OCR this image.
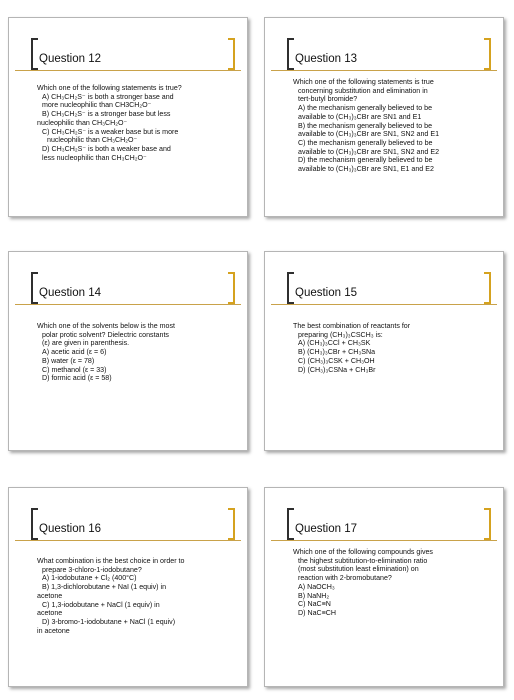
Question 12
Which one of the following statements is true?
A) CH₃CH₂S⁻ is both a stronger base and
more nucleophilic than CH3CH₂O⁻
B) CH₃CH₂S⁻ is a stronger base but less
nucleophilic than CH₃CH₂O⁻
C) CH₃CH₂S⁻ is a weaker base but is more
nucleophilic than CH₃CH₂O⁻
D) CH₃CH₂S⁻ is both a weaker base and
less nucleophilic than CH₃CH₂O⁻
Question 13
Which one of the following statements is true
concerning substitution and elimination in
tert-butyl bromide?
A) the mechanism generally believed to be
available to (CH₃)₃CBr are SN1 and E1
B) the mechanism generally believed to be
available to (CH₃)₃CBr are SN1, SN2 and E1
C) the mechanism generally believed to be
available to (CH₃)₃CBr are SN1, SN2 and E2
D) the mechanism generally believed to be
available to (CH₃)₃CBr are SN1, E1 and E2
Question 14
Which one of the solvents below is the most
polar protic solvent? Dielectric constants
(ε) are given in parenthesis.
A) acetic acid (ε = 6)
B) water (ε = 78)
C) methanol (ε = 33)
D) formic acid (ε = 58)
Question 15
The best combination of reactants for
preparing (CH₃)₃CSCH₃ is:
A) (CH₃)₃CCl + CH₃SK
B) (CH₃)₃CBr + CH₃SNa
C) (CH₃)₃CSK + CH₃OH
D) (CH₃)₃CSNa + CH₃Br
Question 16
What combination is the best choice in order to
prepare 3-chloro-1-iodobutane?
A) 1-iodobutane + Cl₂ (400°C)
B) 1,3-dichlorobutane + NaI (1 equiv) in
acetone
C) 1,3-iodobutane + NaCl (1 equiv) in
acetone
D) 3-bromo-1-iodobutane + NaCl (1 equiv)
in acetone
Question 17
Which one of the following compounds gives
the highest subtitution-to-elimination ratio
(most substitution least elimination) on
reaction with 2-bromobutane?
A) NaOCH₃
B) NaNH₂
C) NaC≡N
D) NaC≡CH
